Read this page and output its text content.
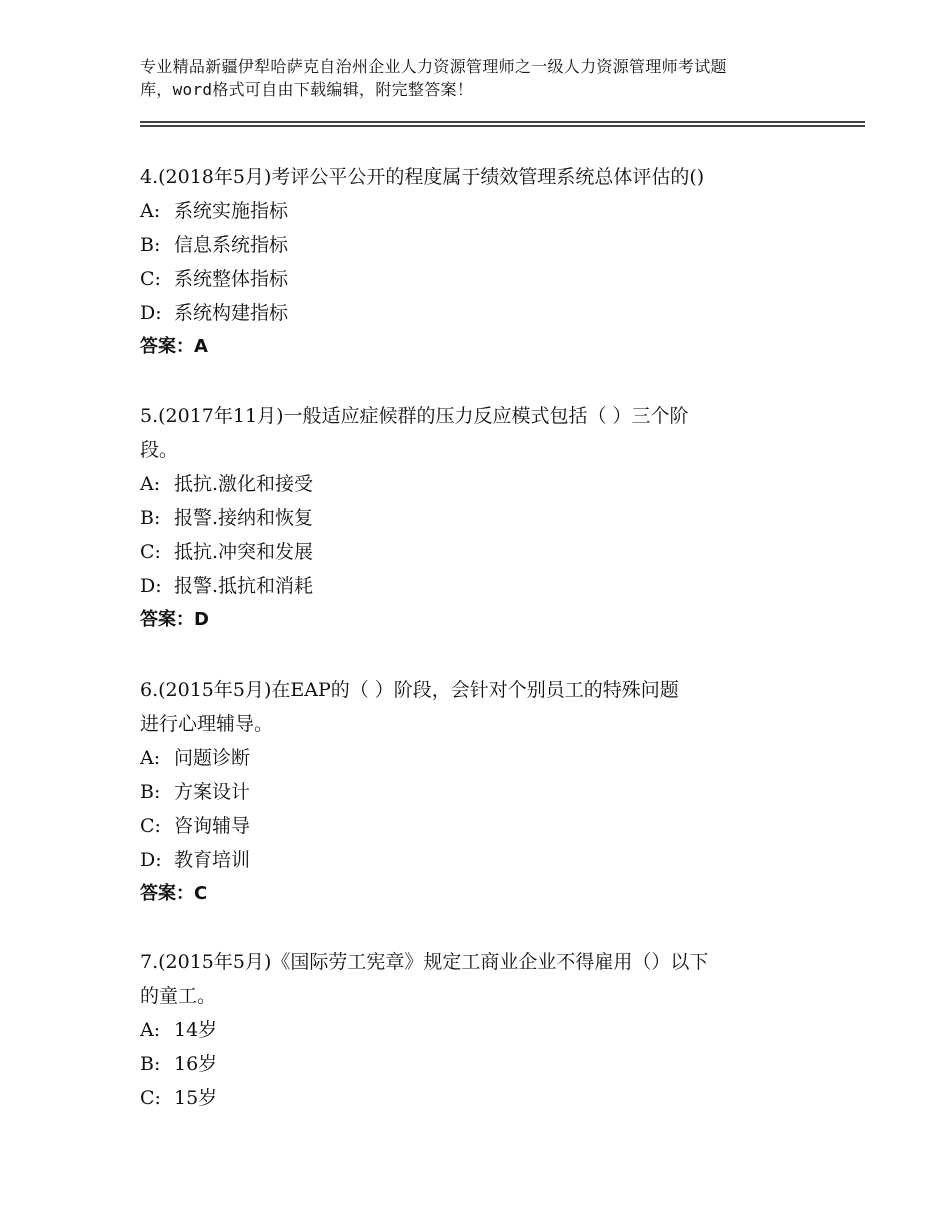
专业精品新疆伊犁哈萨克自治州企业人力资源管理师之一级人力资源管理师考试题
库，word格式可自由下载编辑，附完整答案！
4.(2018年5月)考评公平公开的程度属于绩效管理系统总体评估的()
A: 系统实施指标
B: 信息系统指标
C: 系统整体指标
D: 系统构建指标
答案：A
5.(2017年11月)一般适应症候群的压力反应模式包括（ ）三个阶
段。
A: 抵抗.激化和接受
B: 报警.接纳和恢复
C: 抵抗.冲突和发展
D: 报警.抵抗和消耗
答案：D
6.(2015年5月)在EAP的（ ）阶段，会针对个别员工的特殊问题
进行心理辅导。
A: 问题诊断
B: 方案设计
C: 咨询辅导
D: 教育培训
答案：C
7.(2015年5月)《国际劳工宪章》规定工商业企业不得雇用（）以下
的童工。
A: 14岁
B: 16岁
C: 15岁
